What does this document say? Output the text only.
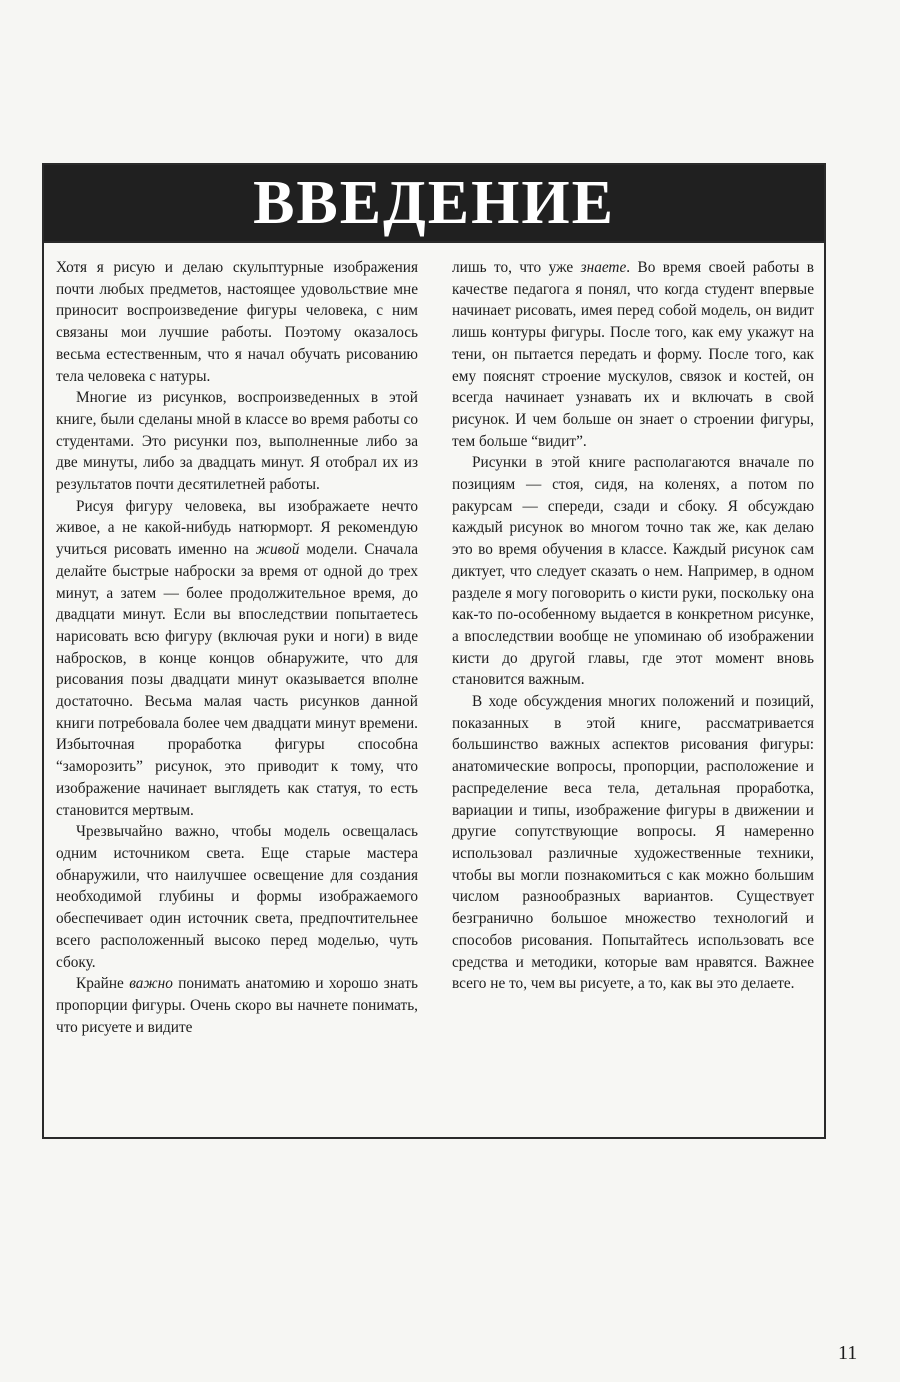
ВВЕДЕНИЕ

Хотя я рисую и делаю скульптурные изображения почти любых предметов, настоящее удовольствие мне приносит воспроизведение фигуры человека, с ним связаны мои лучшие работы. Поэтому оказалось весьма естественным, что я начал обучать рисованию тела человека с натуры.

Многие из рисунков, воспроизведенных в этой книге, были сделаны мной в классе во время работы со студентами. Это рисунки поз, выполненные либо за две минуты, либо за двадцать минут. Я отобрал их из результатов почти десятилетней работы.

Рисуя фигуру человека, вы изображаете нечто живое, а не какой-нибудь натюрморт. Я рекомендую учиться рисовать именно на живой модели. Сначала делайте быстрые наброски за время от одной до трех минут, а затем — более продолжительное время, до двадцати минут. Если вы впоследствии попытаетесь нарисовать всю фигуру (включая руки и ноги) в виде набросков, в конце концов обнаружите, что для рисования позы двадцати минут оказывается вполне достаточно. Весьма малая часть рисунков данной книги потребовала более чем двадцати минут времени. Избыточная проработка фигуры способна “заморозить” рисунок, это приводит к тому, что изображение начинает выглядеть как статуя, то есть становится мертвым.

Чрезвычайно важно, чтобы модель освещалась одним источником света. Еще старые мастера обнаружили, что наилучшее освещение для создания необходимой глубины и формы изображаемого обеспечивает один источник света, предпочтительнее всего расположенный высоко перед моделью, чуть сбоку.

Крайне важно понимать анатомию и хорошо знать пропорции фигуры. Очень скоро вы начнете понимать, что рисуете и видите

лишь то, что уже знаете. Во время своей работы в качестве педагога я понял, что когда студент впервые начинает рисовать, имея перед собой модель, он видит лишь контуры фигуры. После того, как ему укажут на тени, он пытается передать и форму. После того, как ему пояснят строение мускулов, связок и костей, он всегда начинает узнавать их и включать в свой рисунок. И чем больше он знает о строении фигуры, тем больше “видит”.

Рисунки в этой книге располагаются вначале по позициям — стоя, сидя, на коленях, а потом по ракурсам — спереди, сзади и сбоку. Я обсуждаю каждый рисунок во многом точно так же, как делаю это во время обучения в классе. Каждый рисунок сам диктует, что следует сказать о нем. Например, в одном разделе я могу поговорить о кисти руки, поскольку она как-то по-особенному выдается в конкретном рисунке, а впоследствии вообще не упоминаю об изображении кисти до другой главы, где этот момент вновь становится важным.

В ходе обсуждения многих положений и позиций, показанных в этой книге, рассматривается большинство важных аспектов рисования фигуры: анатомические вопросы, пропорции, расположение и распределение веса тела, детальная проработка, вариации и типы, изображение фигуры в движении и другие сопутствующие вопросы. Я намеренно использовал различные художественные техники, чтобы вы могли познакомиться с как можно большим числом разнообразных вариантов. Существует безгранично большое множество технологий и способов рисования. Попытайтесь использовать все средства и методики, которые вам нравятся. Важнее всего не то, чем вы рисуете, а то, как вы это делаете.

11
